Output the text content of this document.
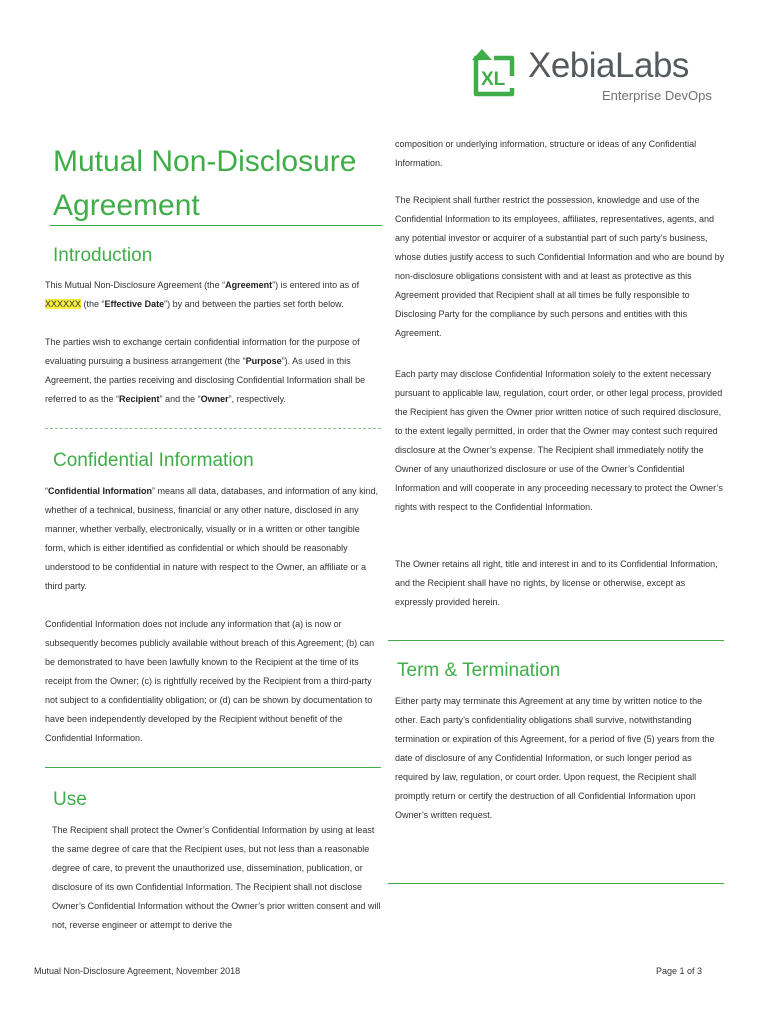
XL XebiaLabs
Enterprise DevOps
Mutual Non-Disclosure
Agreement
Introduction

This Mutual Non-Disclosure Agreement (the “Agreement”) is entered into as of XXXXXX (the “Effective Date”) by and between the parties set forth below.

The parties wish to exchange certain confidential information for the purpose of evaluating pursuing a business arrangement (the “Purpose”). As used in this Agreement, the parties receiving and disclosing Confidential Information shall be referred to as the “Recipient” and the “Owner”, respectively.

Confidential Information

“Confidential Information” means all data, databases, and information of any kind, whether of a technical, business, financial or any other nature, disclosed in any manner, whether verbally, electronically, visually or in a written or other tangible form, which is either identified as confidential or which should be reasonably understood to be confidential in nature with respect to the Owner, an affiliate or a third party.

Confidential Information does not include any information that (a) is now or subsequently becomes publicly available without breach of this Agreement; (b) can be demonstrated to have been lawfully known to the Recipient at the time of its receipt from the Owner; (c) is rightfully received by the Recipient from a third-party not subject to a confidentiality obligation; or (d) can be shown by documentation to have been independently developed by the Recipient without benefit of the Confidential Information.

Use

The Recipient shall protect the Owner’s Confidential Information by using at least the same degree of care that the Recipient uses, but not less than a reasonable degree of care, to prevent the unauthorized use, dissemination, publication, or disclosure of its own Confidential Information. The Recipient shall not disclose Owner’s Confidential Information without the Owner’s prior written consent and will not, reverse engineer or attempt to derive the

composition or underlying information, structure or ideas of any Confidential Information.

The Recipient shall further restrict the possession, knowledge and use of the Confidential Information to its employees, affiliates, representatives, agents, and any potential investor or acquirer of a substantial part of such party’s business, whose duties justify access to such Confidential Information and who are bound by non-disclosure obligations consistent with and at least as protective as this Agreement provided that Recipient shall at all times be fully responsible to Disclosing Party for the compliance by such persons and entities with this Agreement.

Each party may disclose Confidential Information solely to the extent necessary pursuant to applicable law, regulation, court order, or other legal process, provided the Recipient has given the Owner prior written notice of such required disclosure, to the extent legally permitted, in order that the Owner may contest such required disclosure at the Owner’s expense. The Recipient shall immediately notify the Owner of any unauthorized disclosure or use of the Owner’s Confidential Information and will cooperate in any proceeding necessary to protect the Owner’s rights with respect to the Confidential Information.

The Owner retains all right, title and interest in and to its Confidential Information, and the Recipient shall have no rights, by license or otherwise, except as expressly provided herein.

Term & Termination

Either party may terminate this Agreement at any time by written notice to the other. Each party’s confidentiality obligations shall survive, notwithstanding termination or expiration of this Agreement, for a period of five (5) years from the date of disclosure of any Confidential Information, or such longer period as required by law, regulation, or court order. Upon request, the Recipient shall promptly return or certify the destruction of all Confidential Information upon Owner’s written request.

Mutual Non-Disclosure Agreement, November 2018	Page 1 of 3
